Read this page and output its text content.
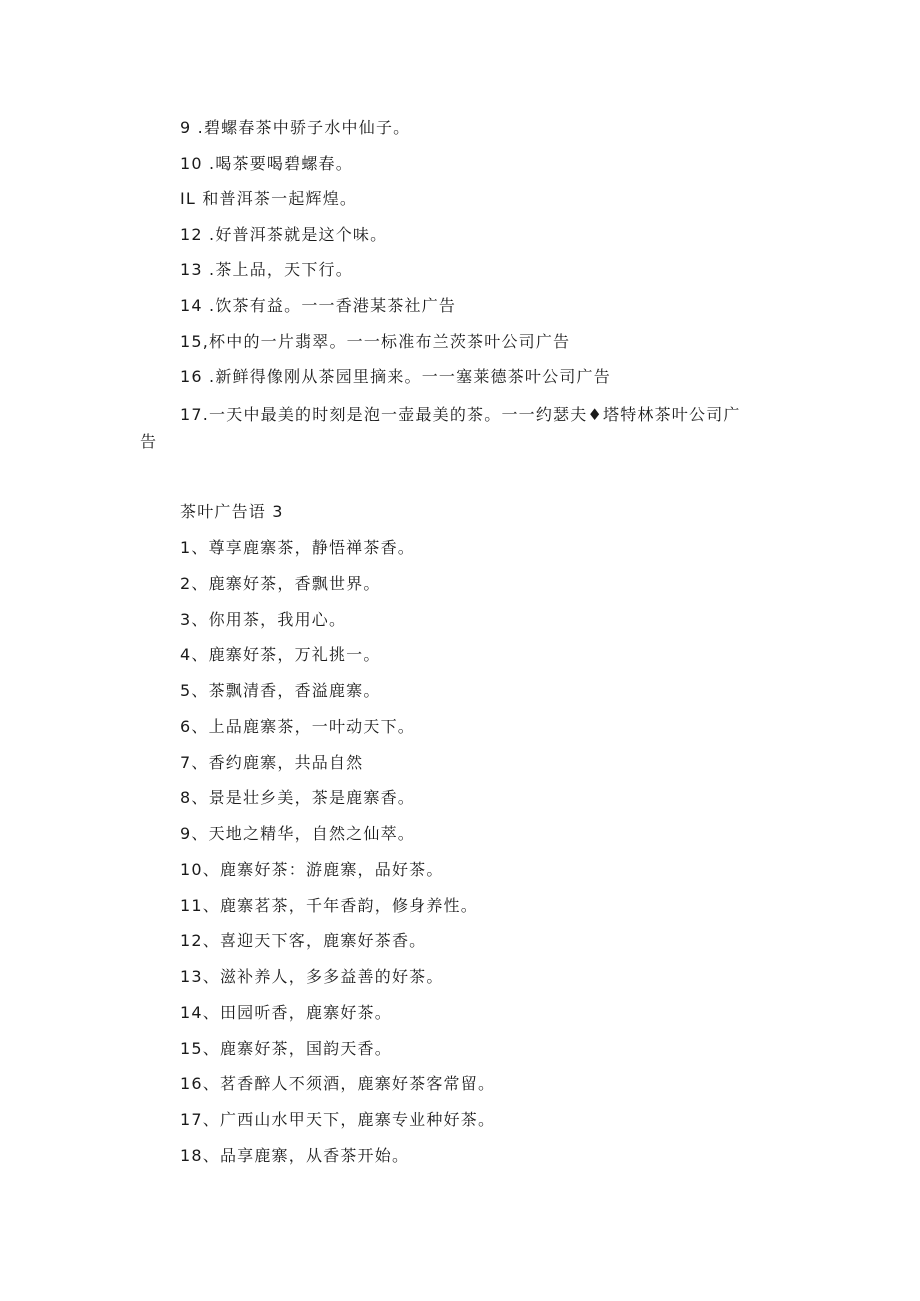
9 .碧螺春茶中骄子水中仙子。
10 .喝茶要喝碧螺春。
IL 和普洱茶一起辉煌。
12 .好普洱茶就是这个味。
13 .茶上品，天下行。
14 .饮茶有益。一一香港某茶社广告
15,杯中的一片翡翠。一一标准布兰茨茶叶公司广告
16 .新鲜得像刚从茶园里摘来。一一塞莱德茶叶公司广告
17.一天中最美的时刻是泡一壶最美的茶。一一约瑟夫♦塔特林茶叶公司广
告
茶叶广告语 3
1、尊享鹿寨茶，静悟禅茶香。
2、鹿寨好茶，香飘世界。
3、你用茶，我用心。
4、鹿寨好茶，万礼挑一。
5、茶飘清香，香溢鹿寨。
6、上品鹿寨茶，一叶动天下。
7、香约鹿寨，共品自然
8、景是壮乡美，茶是鹿寨香。
9、天地之精华，自然之仙萃。
10、鹿寨好茶：游鹿寨，品好茶。
11、鹿寨茗茶，千年香韵，修身养性。
12、喜迎天下客，鹿寨好茶香。
13、滋补养人，多多益善的好茶。
14、田园听香，鹿寨好茶。
15、鹿寨好茶，国韵天香。
16、茗香醉人不须酒，鹿寨好茶客常留。
17、广西山水甲天下，鹿寨专业种好茶。
18、品享鹿寨，从香茶开始。
